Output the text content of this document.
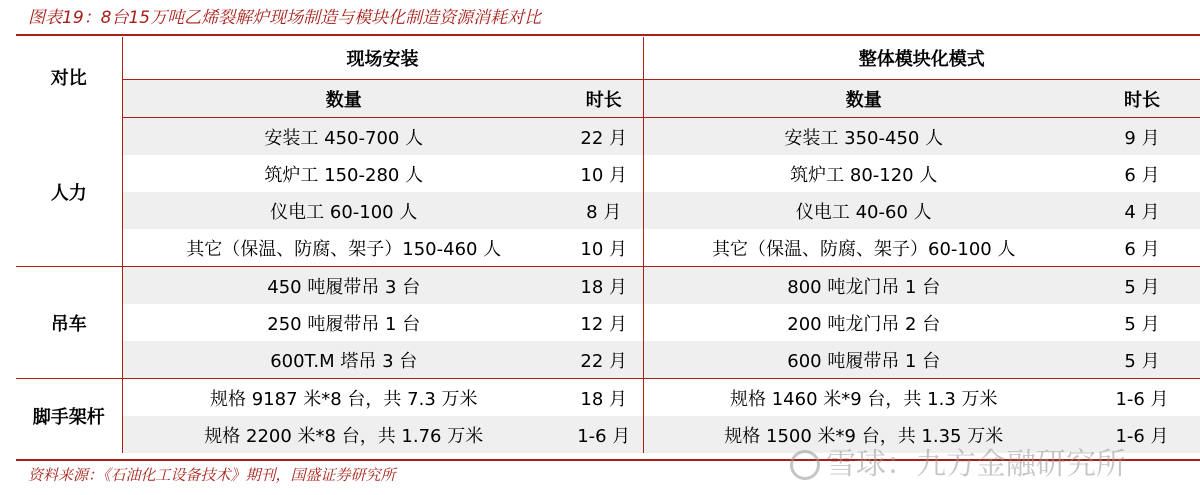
图表19：8台15万吨乙烯裂解炉现场制造与模块化制造资源消耗对比
对比	现场安装		整体模块化模式	
	数量	时长	数量	时长
人力	安装工 450-700 人	22 月	安装工 350-450 人	9 月
	筑炉工 150-280 人	10 月	筑炉工 80-120 人	6 月
	仪电工 60-100 人	8 月	仪电工 40-60 人	4 月
	其它（保温、防腐、架子）150-460 人	10 月	其它（保温、防腐、架子）60-100 人	6 月
吊车	450 吨履带吊 3 台	18 月	800 吨龙门吊 1 台	5 月
	250 吨履带吊 1 台	12 月	200 吨龙门吊 2 台	5 月
	600T.M 塔吊 3 台	22 月	600 吨履带吊 1 台	5 月
脚手架杆	规格 9187 米*8 台，共 7.3 万米	18 月	规格 1460 米*9 台，共 1.3 万米	1-6 月
	规格 2200 米*8 台，共 1.76 万米	1-6 月	规格 1500 米*9 台，共 1.35 万米	1-6 月
资料来源：《石油化工设备技术》期刊，国盛证券研究所	雪球：九方金融研究所
